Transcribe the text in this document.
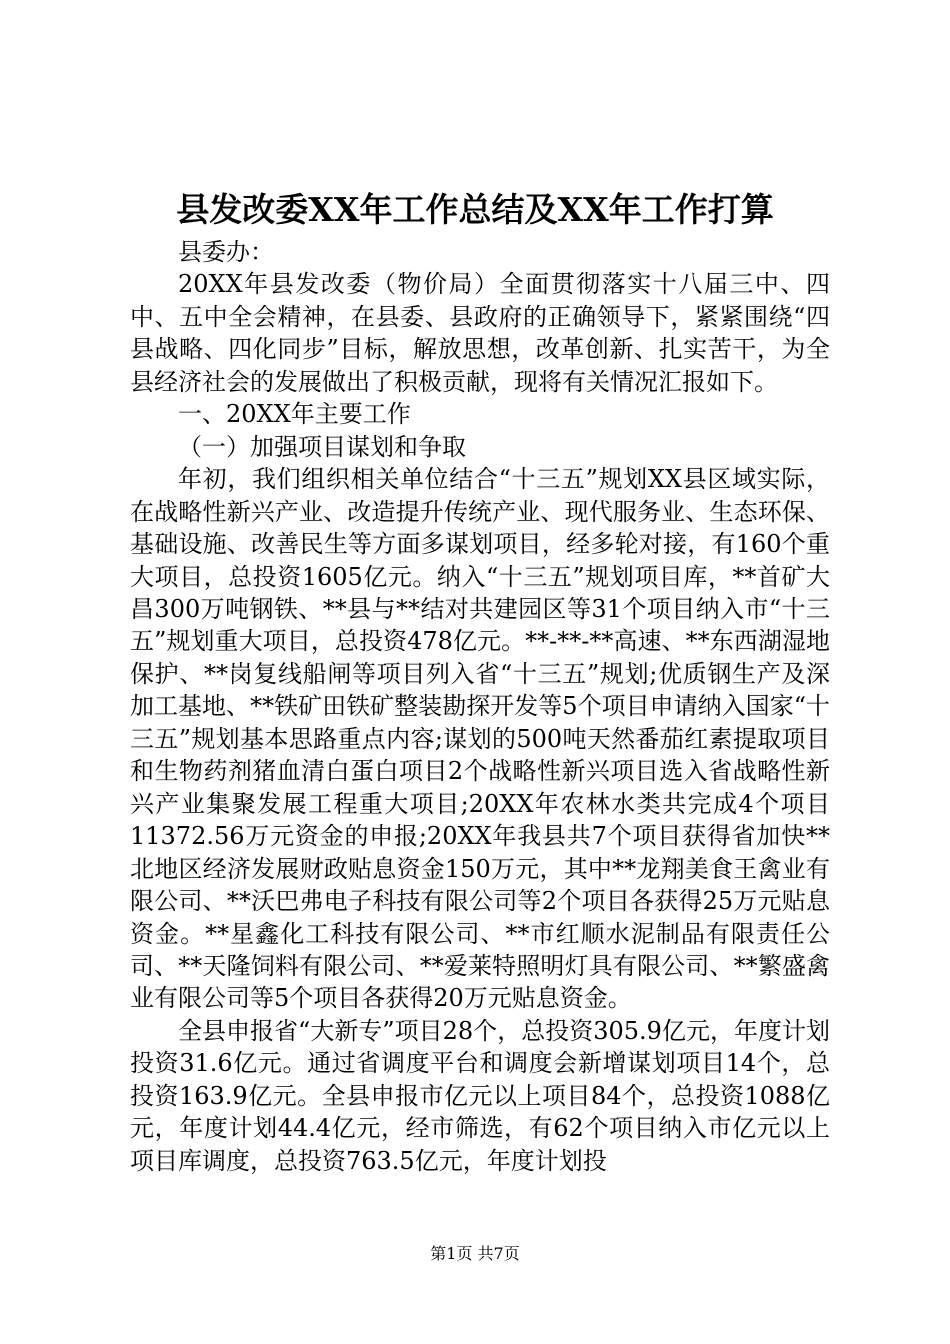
县发改委XX年工作总结及XX年工作打算

县委办：

20XX年县发改委（物价局）全面贯彻落实十八届三中、四中、五中全会精神，在县委、县政府的正确领导下，紧紧围绕“四县战略、四化同步”目标，解放思想，改革创新、扎实苦干，为全县经济社会的发展做出了积极贡献，现将有关情况汇报如下。

一、20XX年主要工作

（一）加强项目谋划和争取

年初，我们组织相关单位结合“十三五”规划XX县区域实际，在战略性新兴产业、改造提升传统产业、现代服务业、生态环保、基础设施、改善民生等方面多谋划项目，经多轮对接，有160个重大项目，总投资1605亿元。纳入“十三五”规划项目库，**首矿大昌300万吨钢铁、**县与**结对共建园区等31个项目纳入市“十三五”规划重大项目，总投资478亿元。**-**-**高速、**东西湖湿地保护、**岗复线船闸等项目列入省“十三五”规划;优质钢生产及深加工基地、**铁矿田铁矿整装勘探开发等5个项目申请纳入国家“十三五”规划基本思路重点内容;谋划的500吨天然番茄红素提取项目和生物药剂猪血清白蛋白项目2个战略性新兴项目选入省战略性新兴产业集聚发展工程重大项目;20XX年农林水类共完成4个项目11372.56万元资金的申报;20XX年我县共7个项目获得省加快**北地区经济发展财政贴息资金150万元，其中**龙翔美食王禽业有限公司、**沃巴弗电子科技有限公司等2个项目各获得25万元贴息资金。**星鑫化工科技有限公司、**市红顺水泥制品有限责任公司、**天隆饲料有限公司、**爱莱特照明灯具有限公司、**繁盛禽业有限公司等5个项目各获得20万元贴息资金。

全县申报省“大新专”项目28个，总投资305.9亿元，年度计划投资31.6亿元。通过省调度平台和调度会新增谋划项目14个，总投资163.9亿元。全县申报市亿元以上项目84个，总投资1088亿元，年度计划44.4亿元，经市筛选，有62个项目纳入市亿元以上项目库调度，总投资763.5亿元，年度计划投

第1页 共7页
